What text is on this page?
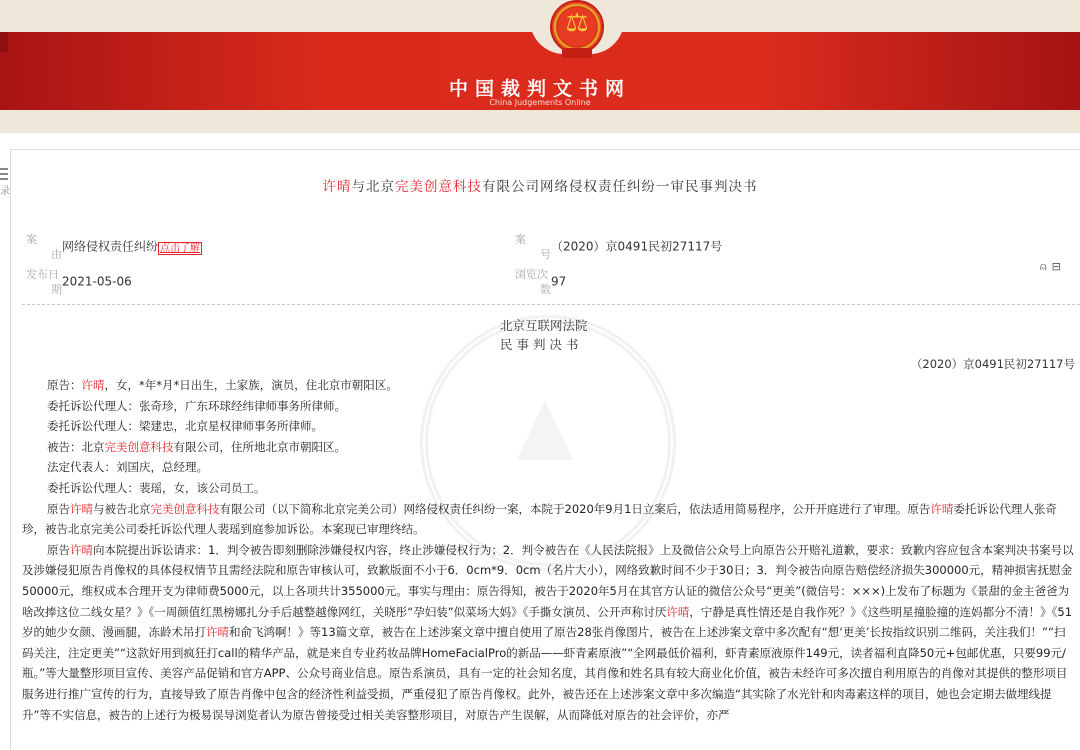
⚖
中国裁判文书网
China Judgements Online
录	许晴与北京完美创意科技有限公司网络侵权责任纠纷一审民事判决书
案
由
网络侵权责任纠纷 点击了解
发布日
期
2021-05-06
案
号
（2020）京0491民初27117号
浏览次
数
97
⍝⊟
北京互联网法院
民 事 判 决 书
（2020）京0491民初27117号

原告：许晴，女，*年*月*日出生，土家族，演员，住北京市朝阳区。

委托诉讼代理人：张奇珍，广东环球经纬律师事务所律师。

委托诉讼代理人：梁建忠，北京星权律师事务所律师。

被告：北京完美创意科技有限公司，住所地北京市朝阳区。

法定代表人：刘国庆，总经理。

委托诉讼代理人：裴瑶，女，该公司员工。

原告许晴与被告北京完美创意科技有限公司（以下简称北京完美公司）网络侵权责任纠纷一案，本院于2020年9月1日立案后，依法适用简易程序，公开开庭进行了审理。原告许晴委托诉讼代理人张奇珍，被告北京完美公司委托诉讼代理人裴瑶到庭参加诉讼。本案现已审理终结。

原告许晴向本院提出诉讼请求：1．判令被告即刻删除涉嫌侵权内容，终止涉嫌侵权行为；2．判令被告在《人民法院报》上及微信公众号上向原告公开赔礼道歉，要求：致歉内容应包含本案判决书案号以及涉嫌侵犯原告肖像权的具体侵权情节且需经法院和原告审核认可，致歉版面不小于6．0cm*9．0cm（名片大小），网络致歉时间不少于30日；3．判令被告向原告赔偿经济损失300000元，精神损害抚慰金50000元，维权成本合理开支为律师费5000元，以上各项共计355000元。事实与理由：原告得知，被告于2020年5月在其官方认证的微信公众号“更美”(微信号：×××)上发布了标题为《景甜的金主爸爸为啥改捧这位二线女星？》《一周颜值红黑榜娜扎分手后越整越像网红，关晓彤“孕妇装”似菜场大妈》《手撕女演员、公开声称讨厌许晴，宁静是真性情还是自我作死？》《这些明星撞脸撞的连妈都分不清！》《51岁的她少女颜、漫画腿，冻龄术吊打许晴和俞飞鸿啊！》等13篇文章，被告在上述涉案文章中擅自使用了原告28张肖像图片，被告在上述涉案文章中多次配有“想‘更美’长按指纹识别二维码，关注我们！”“扫码关注，注定更美”“这款好用到疯狂打call的精华产品，就是来自专业药妆品牌HomeFacialPro的新品——虾青素原液”“全网最低价福利，虾青素原液原件149元，读者福利直降50元+包邮优惠，只要99元/瓶。”等大量整形项目宣传、美容产品促销和官方APP、公众号商业信息。原告系演员，具有一定的社会知名度，其肖像和姓名具有较大商业化价值，被告未经许可多次擅自利用原告的肖像对其提供的整形项目服务进行推广宣传的行为，直接导致了原告肖像中包含的经济性利益受损，严重侵犯了原告肖像权。此外，被告还在上述涉案文章中多次编造“其实除了水光针和肉毒素这样的项目，她也会定期去做埋线提升”等不实信息，被告的上述行为极易误导浏览者认为原告曾接受过相关美容整形项目，对原告产生误解，从而降低对原告的社会评价，亦严
